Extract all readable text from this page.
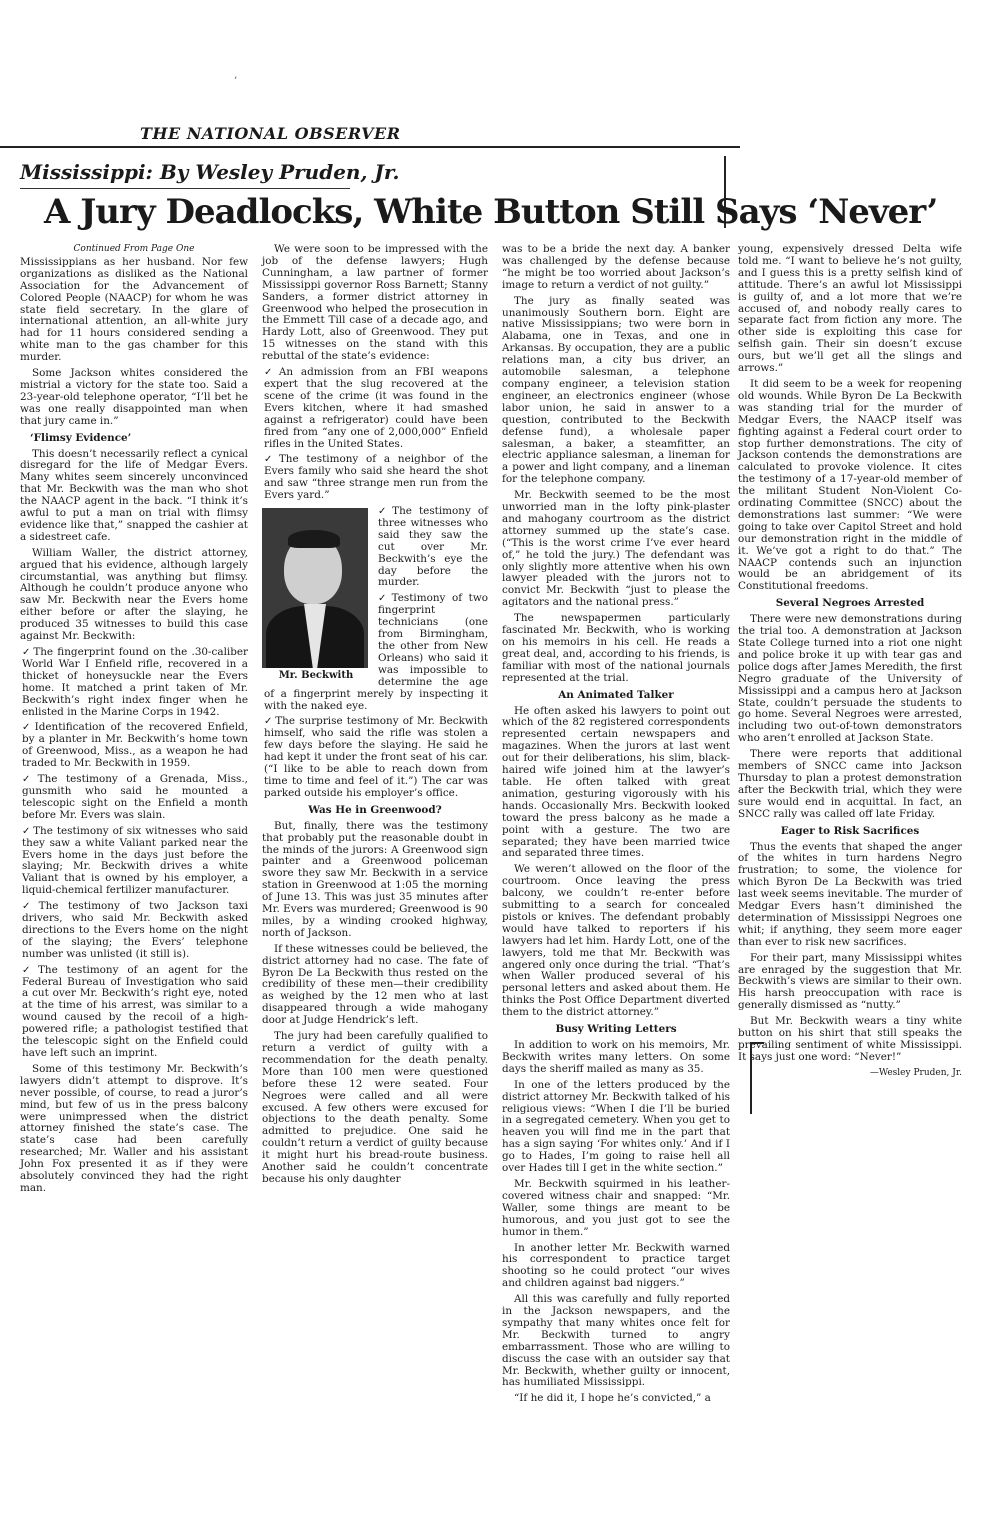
’
THE NATIONAL OBSERVER
Mississippi: By Wesley Pruden, Jr.
A Jury Deadlocks, White Button Still Says ‘Never’

Continued From Page One

Mississippians as her husband. Nor few organizations as disliked as the National Association for the Advancement of Colored People (NAACP) for whom he was state field secretary. In the glare of international attention, an all-white jury had for 11 hours considered sending a white man to the gas chamber for this murder.

Some Jackson whites considered the mistrial a victory for the state too. Said a 23-year-old telephone operator, “I’ll bet he was one really disappointed man when that jury came in.”

‘Flimsy Evidence’

This doesn’t necessarily reflect a cynical disregard for the life of Medgar Evers. Many whites seem sincerely unconvinced that Mr. Beckwith was the man who shot the NAACP agent in the back. “I think it’s awful to put a man on trial with flimsy evidence like that,” snapped the cashier at a sidestreet cafe.

William Waller, the district attorney, argued that his evidence, although largely circumstantial, was anything but flimsy. Although he couldn’t produce anyone who saw Mr. Beckwith near the Evers home either before or after the slaying, he produced 35 witnesses to build this case against Mr. Beckwith:

✓ The fingerprint found on the .30-caliber World War I Enfield rifle, recovered in a thicket of honeysuckle near the Evers home. It matched a print taken of Mr. Beckwith’s right index finger when he enlisted in the Marine Corps in 1942.

✓ Identification of the recovered Enfield, by a planter in Mr. Beckwith’s home town of Greenwood, Miss., as a weapon he had traded to Mr. Beckwith in 1959.

✓ The testimony of a Grenada, Miss., gunsmith who said he mounted a telescopic sight on the Enfield a month before Mr. Evers was slain.

✓ The testimony of six witnesses who said they saw a white Valiant parked near the Evers home in the days just before the slaying; Mr. Beckwith drives a white Valiant that is owned by his employer, a liquid-chemical fertilizer manufacturer.

✓ The testimony of two Jackson taxi drivers, who said Mr. Beckwith asked directions to the Evers home on the night of the slaying; the Evers’ telephone number was unlisted (it still is).

✓ The testimony of an agent for the Federal Bureau of Investigation who said a cut over Mr. Beckwith’s right eye, noted at the time of his arrest, was similar to a wound caused by the recoil of a high-powered rifle; a pathologist testified that the telescopic sight on the Enfield could have left such an imprint.

Some of this testimony Mr. Beckwith’s lawyers didn’t attempt to disprove. It’s never possible, of course, to read a juror’s mind, but few of us in the press balcony were unimpressed when the district attorney finished the state’s case. The state’s case had been carefully researched; Mr. Waller and his assistant John Fox presented it as if they were absolutely convinced they had the right man.

We were soon to be impressed with the job of the defense lawyers; Hugh Cunningham, a law partner of former Mississippi governor Ross Barnett; Stanny Sanders, a former district attorney in Greenwood who helped the prosecution in the Emmett Till case of a decade ago, and Hardy Lott, also of Greenwood. They put 15 witnesses on the stand with this rebuttal of the state’s evidence:

✓ An admission from an FBI weapons expert that the slug recovered at the scene of the crime (it was found in the Evers kitchen, where it had smashed against a refrigerator) could have been fired from “any one of 2,000,000” Enfield rifles in the United States.

✓ The testimony of a neighbor of the Evers family who said she heard the shot and saw “three strange men run from the Evers yard.”

Mr. Beckwith

✓ The testimony of three witnesses who said they saw the cut over Mr. Beckwith’s eye the day before the murder.

✓ Testimony of two fingerprint technicians (one from Birmingham, the other from New Orleans) who said it was impossible to determine the age of a fingerprint merely by inspecting it with the naked eye.

✓ The surprise testimony of Mr. Beckwith himself, who said the rifle was stolen a few days before the slaying. He said he had kept it under the front seat of his car. (“I like to be able to reach down from time to time and feel of it.”) The car was parked outside his employer’s office.

Was He in Greenwood?

But, finally, there was the testimony that probably put the reasonable doubt in the minds of the jurors: A Greenwood sign painter and a Greenwood policeman swore they saw Mr. Beckwith in a service station in Greenwood at 1:05 the morning of June 13. This was just 35 minutes after Mr. Evers was murdered; Greenwood is 90 miles, by a winding crooked highway, north of Jackson.

If these witnesses could be believed, the district attorney had no case. The fate of Byron De La Beckwith thus rested on the credibility of these men—their credibility as weighed by the 12 men who at last disappeared through a wide mahogany door at Judge Hendrick’s left.

The jury had been carefully qualified to return a verdict of guilty with a recommendation for the death penalty. More than 100 men were questioned before these 12 were seated. Four Negroes were called and all were excused. A few others were excused for objections to the death penalty. Some admitted to prejudice. One said he couldn’t return a verdict of guilty because it might hurt his bread-route business. Another said he couldn’t concentrate because his only daughter

was to be a bride the next day. A banker was challenged by the defense because “he might be too worried about Jackson’s image to return a verdict of not guilty.”

The jury as finally seated was unanimously Southern born. Eight are native Mississippians; two were born in Alabama, one in Texas, and one in Arkansas. By occupation, they are a public relations man, a city bus driver, an automobile salesman, a telephone company engineer, a television station engineer, an electronics engineer (whose labor union, he said in answer to a question, contributed to the Beckwith defense fund), a wholesale paper salesman, a baker, a steamfitter, an electric appliance salesman, a lineman for a power and light company, and a lineman for the telephone company.

Mr. Beckwith seemed to be the most unworried man in the lofty pink-plaster and mahogany courtroom as the district attorney summed up the state’s case. (“This is the worst crime I’ve ever heard of,” he told the jury.) The defendant was only slightly more attentive when his own lawyer pleaded with the jurors not to convict Mr. Beckwith “just to please the agitators and the national press.”

The newspapermen particularly fascinated Mr. Beckwith, who is working on his memoirs in his cell. He reads a great deal, and, according to his friends, is familiar with most of the national journals represented at the trial.

An Animated Talker

He often asked his lawyers to point out which of the 82 registered correspondents represented certain newspapers and magazines. When the jurors at last went out for their deliberations, his slim, black-haired wife joined him at the lawyer’s table. He often talked with great animation, gesturing vigorously with his hands. Occasionally Mrs. Beckwith looked toward the press balcony as he made a point with a gesture. The two are separated; they have been married twice and separated three times.

We weren’t allowed on the floor of the courtroom. Once leaving the press balcony, we couldn’t re-enter before submitting to a search for concealed pistols or knives. The defendant probably would have talked to reporters if his lawyers had let him. Hardy Lott, one of the lawyers, told me that Mr. Beckwith was angered only once during the trial. “That’s when Waller produced several of his personal letters and asked about them. He thinks the Post Office Department diverted them to the district attorney.”

Busy Writing Letters

In addition to work on his memoirs, Mr. Beckwith writes many letters. On some days the sheriff mailed as many as 35.

In one of the letters produced by the district attorney Mr. Beckwith talked of his religious views: “When I die I’ll be buried in a segregated cemetery. When you get to heaven you will find me in the part that has a sign saying ‘For whites only.’ And if I go to Hades, I’m going to raise hell all over Hades till I get in the white section.”

Mr. Beckwith squirmed in his leather-covered witness chair and snapped: “Mr. Waller, some things are meant to be humorous, and you just got to see the humor in them.”

In another letter Mr. Beckwith warned his correspondent to practice target shooting so he could protect “our wives and children against bad niggers.”

All this was carefully and fully reported in the Jackson newspapers, and the sympathy that many whites once felt for Mr. Beckwith turned to angry embarrassment. Those who are willing to discuss the case with an outsider say that Mr. Beckwith, whether guilty or innocent, has humiliated Mississippi.

“If he did it, I hope he’s convicted,” a

young, expensively dressed Delta wife told me. “I want to believe he’s not guilty, and I guess this is a pretty selfish kind of attitude. There’s an awful lot Mississippi is guilty of, and a lot more that we’re accused of, and nobody really cares to separate fact from fiction any more. The other side is exploiting this case for selfish gain. Their sin doesn’t excuse ours, but we’ll get all the slings and arrows.”

It did seem to be a week for reopening old wounds. While Byron De La Beckwith was standing trial for the murder of Medgar Evers, the NAACP itself was fighting against a Federal court order to stop further demonstrations. The city of Jackson contends the demonstrations are calculated to provoke violence. It cites the testimony of a 17-year-old member of the militant Student Non-Violent Co-ordinating Committee (SNCC) about the demonstrations last summer: “We were going to take over Capitol Street and hold our demonstration right in the middle of it. We’ve got a right to do that.” The NAACP contends such an injunction would be an abridgement of its Constitutional freedoms.

Several Negroes Arrested

There were new demonstrations during the trial too. A demonstration at Jackson State College turned into a riot one night and police broke it up with tear gas and police dogs after James Meredith, the first Negro graduate of the University of Mississippi and a campus hero at Jackson State, couldn’t persuade the students to go home. Several Negroes were arrested, including two out-of-town demonstrators who aren’t enrolled at Jackson State.

There were reports that additional members of SNCC came into Jackson Thursday to plan a protest demonstration after the Beckwith trial, which they were sure would end in acquittal. In fact, an SNCC rally was called off late Friday.

Eager to Risk Sacrifices

Thus the events that shaped the anger of the whites in turn hardens Negro frustration; to some, the violence for which Byron De La Beckwith was tried last week seems inevitable. The murder of Medgar Evers hasn’t diminished the determination of Mississippi Negroes one whit; if anything, they seem more eager than ever to risk new sacrifices.

For their part, many Mississippi whites are enraged by the suggestion that Mr. Beckwith’s views are similar to their own. His harsh preoccupation with race is generally dismissed as “nutty.”

But Mr. Beckwith wears a tiny white button on his shirt that still speaks the prevailing sentiment of white Mississippi. It says just one word: “Never!”

—Wesley Pruden, Jr.
